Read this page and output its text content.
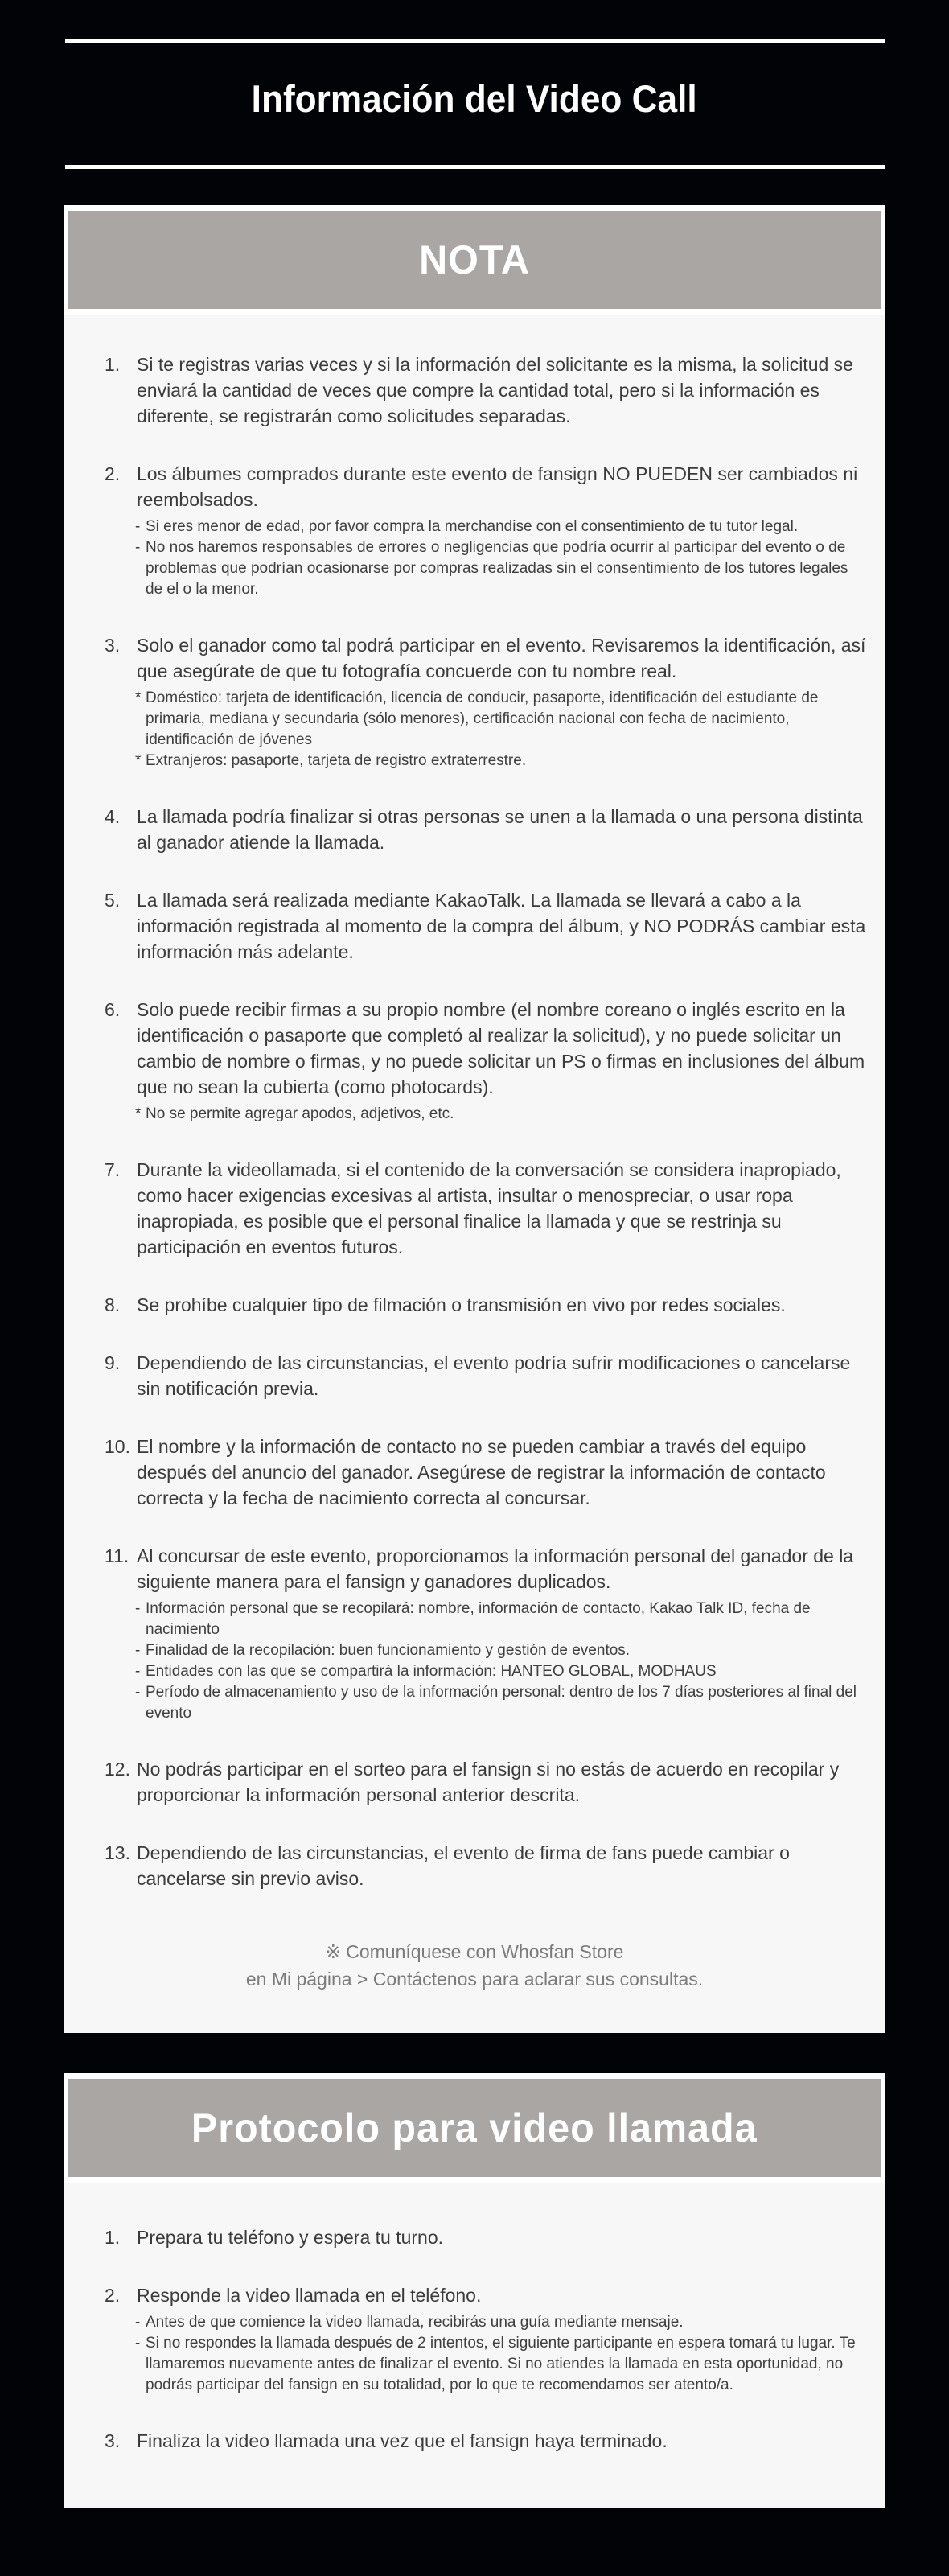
Información del Video Call
NOTA
1. Si te registras varias veces y si la información del solicitante es la misma, la solicitud se enviará la cantidad de veces que compre la cantidad total, pero si la información es diferente, se registrarán como solicitudes separadas.
2. Los álbumes comprados durante este evento de fansign NO PUEDEN ser cambiados ni reembolsados.
- Si eres menor de edad, por favor compra la merchandise con el consentimiento de tu tutor legal.
- No nos haremos responsables de errores o negligencias que podría ocurrir al participar del evento o de problemas que podrían ocasionarse por compras realizadas sin el consentimiento de los tutores legales de el o la menor.
3. Solo el ganador como tal podrá participar en el evento. Revisaremos la identificación, así que asegúrate de que tu fotografía concuerde con tu nombre real.
* Doméstico: tarjeta de identificación, licencia de conducir, pasaporte, identificación del estudiante de primaria, mediana y secundaria (sólo menores), certificación nacional con fecha de nacimiento, identificación de jóvenes
* Extranjeros: pasaporte, tarjeta de registro extraterrestre.
4. La llamada podría finalizar si otras personas se unen a la llamada o una persona distinta al ganador atiende la llamada.
5. La llamada será realizada mediante KakaoTalk. La llamada se llevará a cabo a la información registrada al momento de la compra del álbum, y NO PODRÁS cambiar esta información más adelante.
6. Solo puede recibir firmas a su propio nombre (el nombre coreano o inglés escrito en la identificación o pasaporte que completó al realizar la solicitud), y no puede solicitar un cambio de nombre o firmas, y no puede solicitar un PS o firmas en inclusiones del álbum que no sean la cubierta (como photocards).
* No se permite agregar apodos, adjetivos, etc.
7. Durante la videollamada, si el contenido de la conversación se considera inapropiado, como hacer exigencias excesivas al artista, insultar o menospreciar, o usar ropa inapropiada, es posible que el personal finalice la llamada y que se restrinja su participación en eventos futuros.
8. Se prohíbe cualquier tipo de filmación o transmisión en vivo por redes sociales.
9. Dependiendo de las circunstancias, el evento podría sufrir modificaciones o cancelarse sin notificación previa.
10. El nombre y la información de contacto no se pueden cambiar a través del equipo después del anuncio del ganador. Asegúrese de registrar la información de contacto correcta y la fecha de nacimiento correcta al concursar.
11. Al concursar de este evento, proporcionamos la información personal del ganador de la siguiente manera para el fansign y ganadores duplicados.
- Información personal que se recopilará: nombre, información de contacto, Kakao Talk ID, fecha de nacimiento
- Finalidad de la recopilación: buen funcionamiento y gestión de eventos.
- Entidades con las que se compartirá la información: HANTEO GLOBAL, MODHAUS
- Período de almacenamiento y uso de la información personal: dentro de los 7 días posteriores al final del evento
12. No podrás participar en el sorteo para el fansign si no estás de acuerdo en recopilar y proporcionar la información personal anterior descrita.
13. Dependiendo de las circunstancias, el evento de firma de fans puede cambiar o cancelarse sin previo aviso.
※ Comuníquese con Whosfan Store
en Mi página > Contáctenos para aclarar sus consultas.
Protocolo para video llamada
1. Prepara tu teléfono y espera tu turno.
2. Responde la video llamada en el teléfono.
- Antes de que comience la video llamada, recibirás una guía mediante mensaje.
- Si no respondes la llamada después de 2 intentos, el siguiente participante en espera tomará tu lugar. Te llamaremos nuevamente antes de finalizar el evento. Si no atiendes la llamada en esta oportunidad, no podrás participar del fansign en su totalidad, por lo que te recomendamos ser atento/a.
3. Finaliza la video llamada una vez que el fansign haya terminado.
